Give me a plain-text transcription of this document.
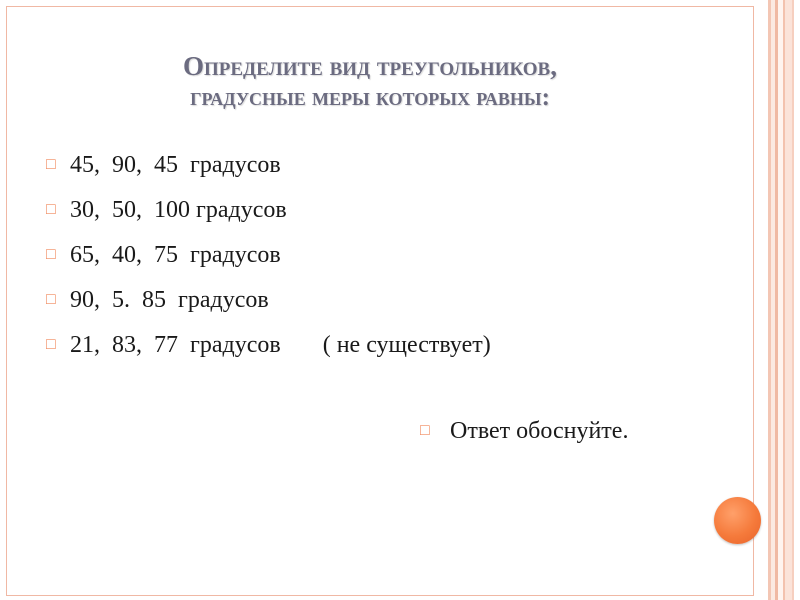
Определите вид треугольников,
градусные меры которых равны:
□ 45,  90,  45  градусов
□ 30,  50,  100 градусов
□ 65,  40,  75  градусов
□ 90,  5.  85  градусов
□ 21,  83,  77  градусов ( не существует)
□ Ответ обоснуйте.
